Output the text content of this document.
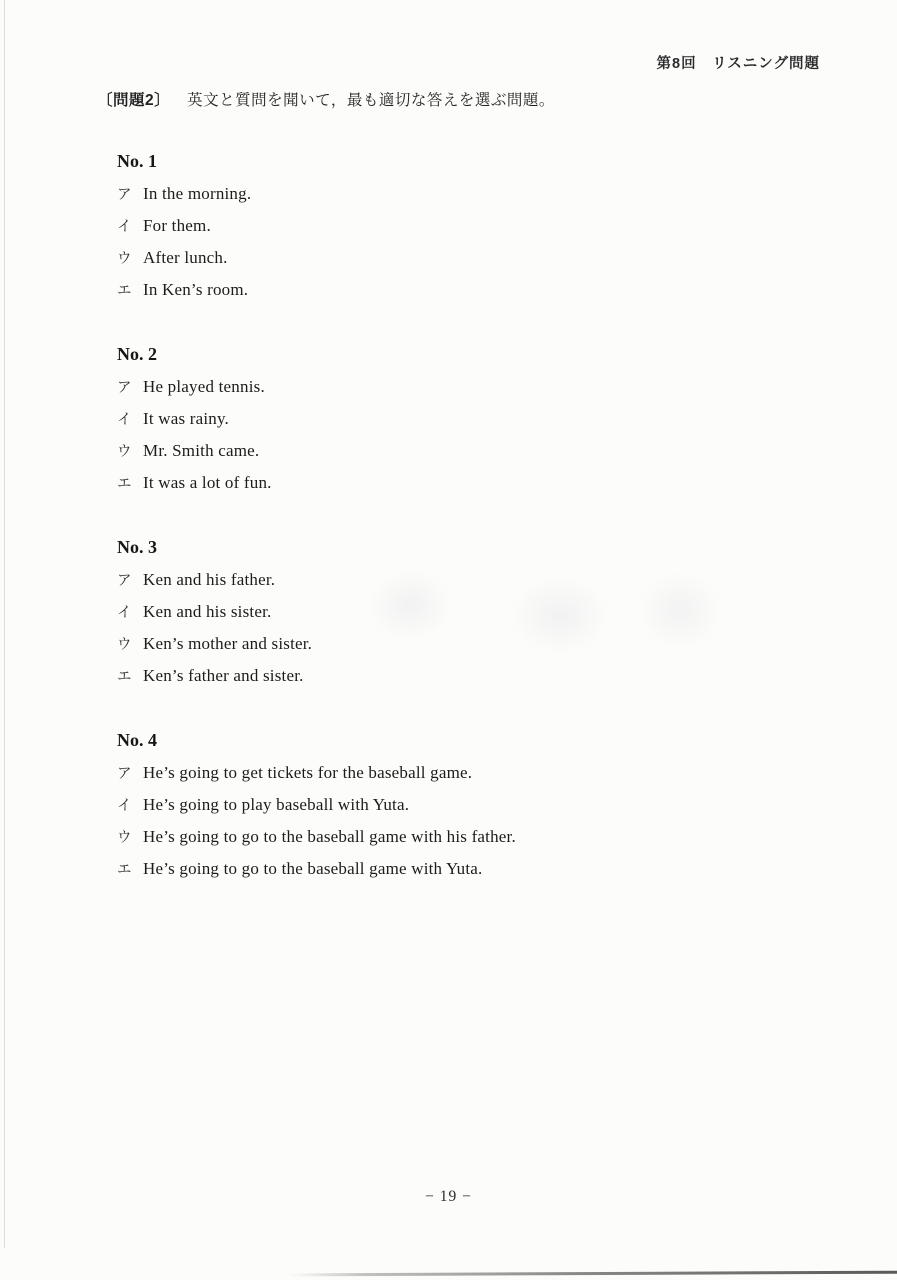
第8回　リスニング問題
〔問題2〕 英文と質問を聞いて，最も適切な答えを選ぶ問題。
No. 1
ア In the morning.
イ For them.
ウ After lunch.
エ In Ken’s room.
No. 2
ア He played tennis.
イ It was rainy.
ウ Mr. Smith came.
エ It was a lot of fun.
No. 3
ア Ken and his father.
イ Ken and his sister.
ウ Ken’s mother and sister.
エ Ken’s father and sister.
No. 4
ア He’s going to get tickets for the baseball game.
イ He’s going to play baseball with Yuta.
ウ He’s going to go to the baseball game with his father.
エ He’s going to go to the baseball game with Yuta.
− 19 −
